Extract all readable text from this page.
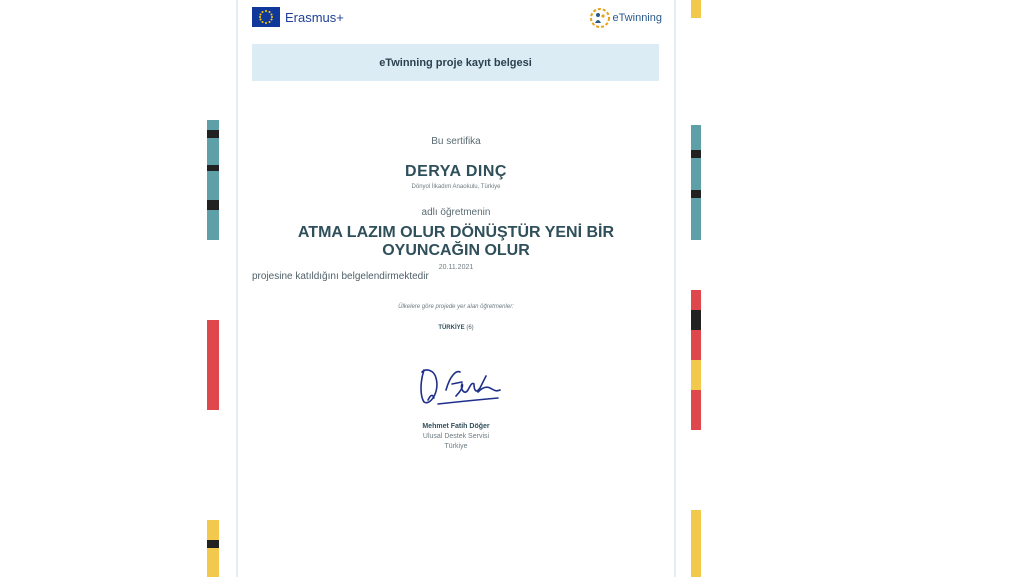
Erasmus+	eTwinning
eTwinning proje kayıt belgesi
Bu sertifika
DERYA DINÇ
Dönyol İlkadım Anaokulu, Türkiye
adlı öğretmenin
ATMA LAZIM OLUR DÖNÜŞTÜR YENİ BİR OYUNCAĞIN OLUR
20.11.2021
projesine katıldığını belgelendirmektedir
Ülkelere göre projede yer alan öğretmenler:
TÜRKİYE (6)
Mehmet Fatih Döğer
Ulusal Destek Servisi
Türkiye
